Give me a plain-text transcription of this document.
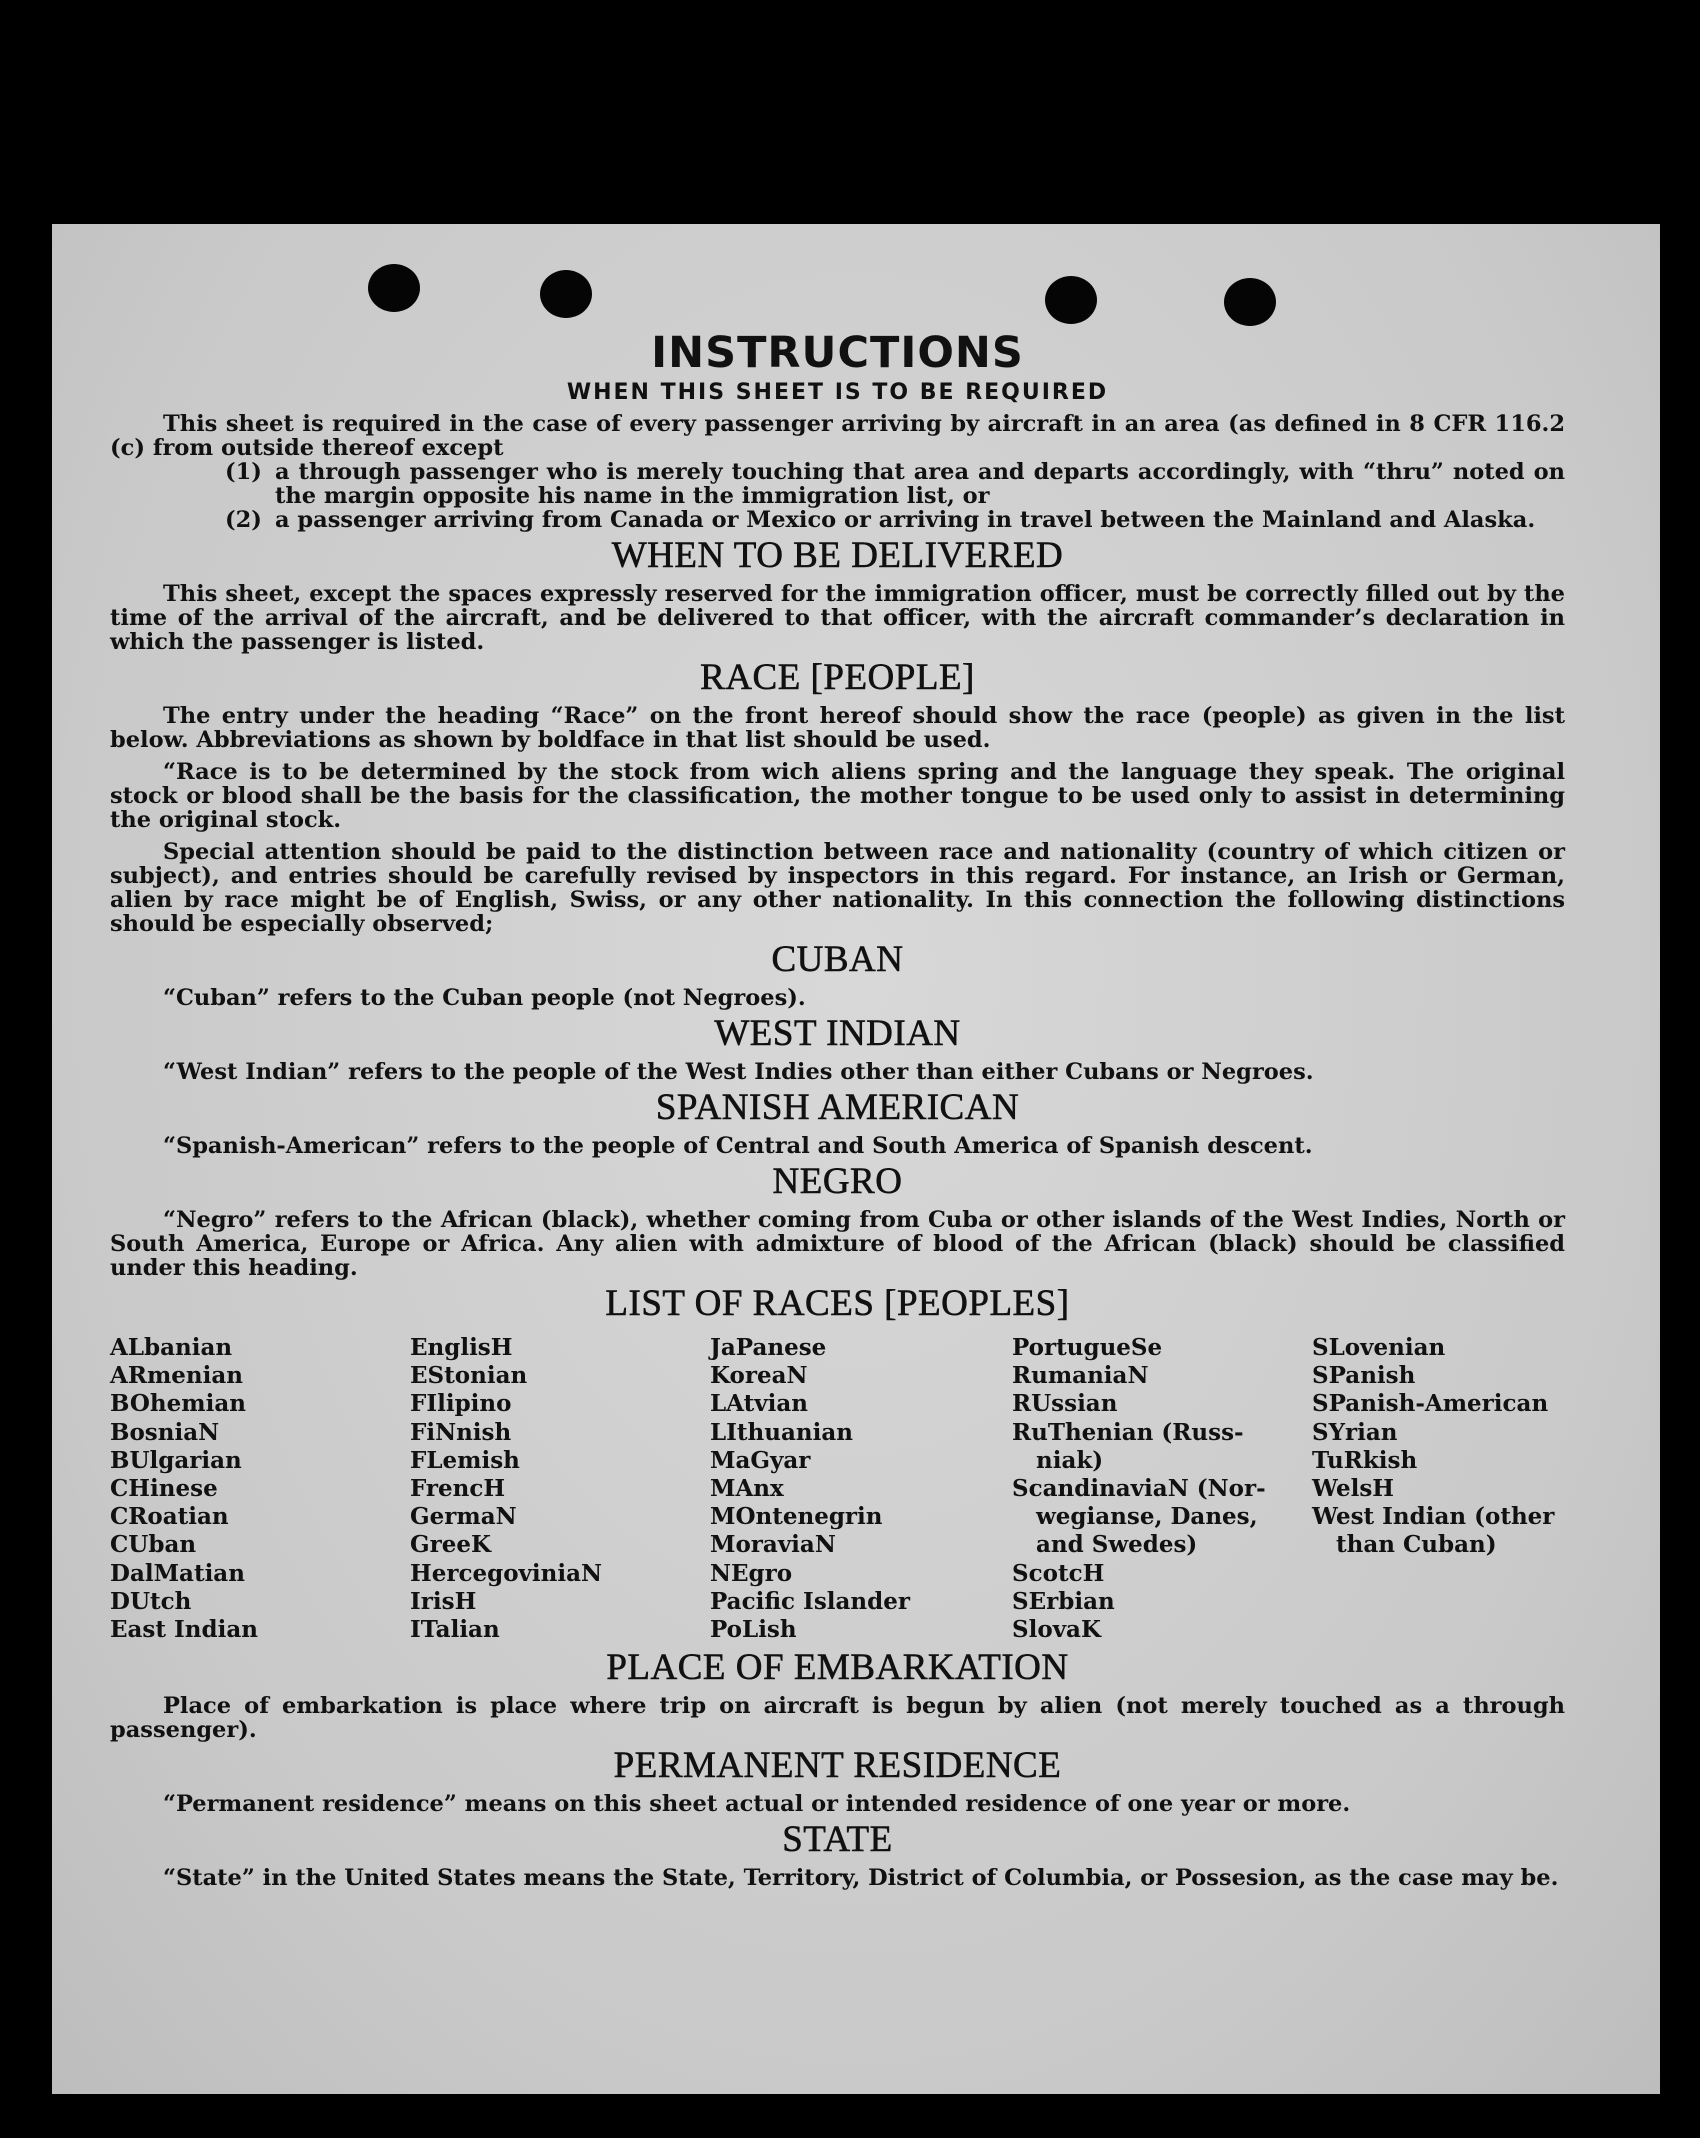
INSTRUCTIONS
WHEN THIS SHEET IS TO BE REQUIRED

This sheet is required in the case of every passenger arriving by aircraft in an area (as defined in 8 CFR 116.2 (c) from outside thereof except

(1) a through passenger who is merely touching that area and departs accordingly, with “thru” noted on the margin opposite his name in the immigration list, or
(2) a passenger arriving from Canada or Mexico or arriving in travel between the Mainland and Alaska.
WHEN TO BE DELIVERED

This sheet, except the spaces expressly reserved for the immigration officer, must be correctly filled out by the time of the arrival of the aircraft, and be delivered to that officer, with the aircraft commander’s declaration in which the passenger is listed.

RACE [PEOPLE]

The entry under the heading “Race” on the front hereof should show the race (people) as given in the list below. Abbreviations as shown by boldface in that list should be used.

“Race is to be determined by the stock from wich aliens spring and the language they speak. The original stock or blood shall be the basis for the classification, the mother tongue to be used only to assist in determining the original stock.

Special attention should be paid to the distinction between race and nationality (country of which citizen or subject), and entries should be carefully revised by inspectors in this regard. For instance, an Irish or German, alien by race might be of English, Swiss, or any other nationality. In this connection the following distinctions should be especially observed;

CUBAN

“Cuban” refers to the Cuban people (not Negroes).

WEST INDIAN

“West Indian” refers to the people of the West Indies other than either Cubans or Negroes.

SPANISH AMERICAN

“Spanish-American” refers to the people of Central and South America of Spanish descent.

NEGRO

“Negro” refers to the African (black), whether coming from Cuba or other islands of the West Indies, North or South America, Europe or Africa. Any alien with admixture of blood of the African (black) should be classified under this heading.

LIST OF RACES [PEOPLES]
ALbanian
ARmenian
BOhemian
BosniaN
BUlgarian
CHinese
CRoatian
CUban
DalMatian
DUtch
East Indian
EnglisH
EStonian
FIlipino
FiNnish
FLemish
FrencH
GermaN
GreeK
HercegoviniaN
IrisH
ITalian
JaPanese
KoreaN
LAtvian
LIthuanian
MaGyar
MAnx
MOntenegrin
MoraviaN
NEgro
Pacific Islander
PoLish
PortugueSe
RumaniaN
RUssian
RuThenian (Russ-
niak)
ScandinaviaN (Nor-
wegianse, Danes,
and Swedes)
ScotcH
SErbian
SlovaK
SLovenian
SPanish
SPanish-American
SYrian
TuRkish
WelsH
West Indian (other
than Cuban)
PLACE OF EMBARKATION

Place of embarkation is place where trip on aircraft is begun by alien (not merely touched as a through passenger).

PERMANENT RESIDENCE

“Permanent residence” means on this sheet actual or intended residence of one year or more.

STATE

“State” in the United States means the State, Territory, District of Columbia, or Possesion, as the case may be.
